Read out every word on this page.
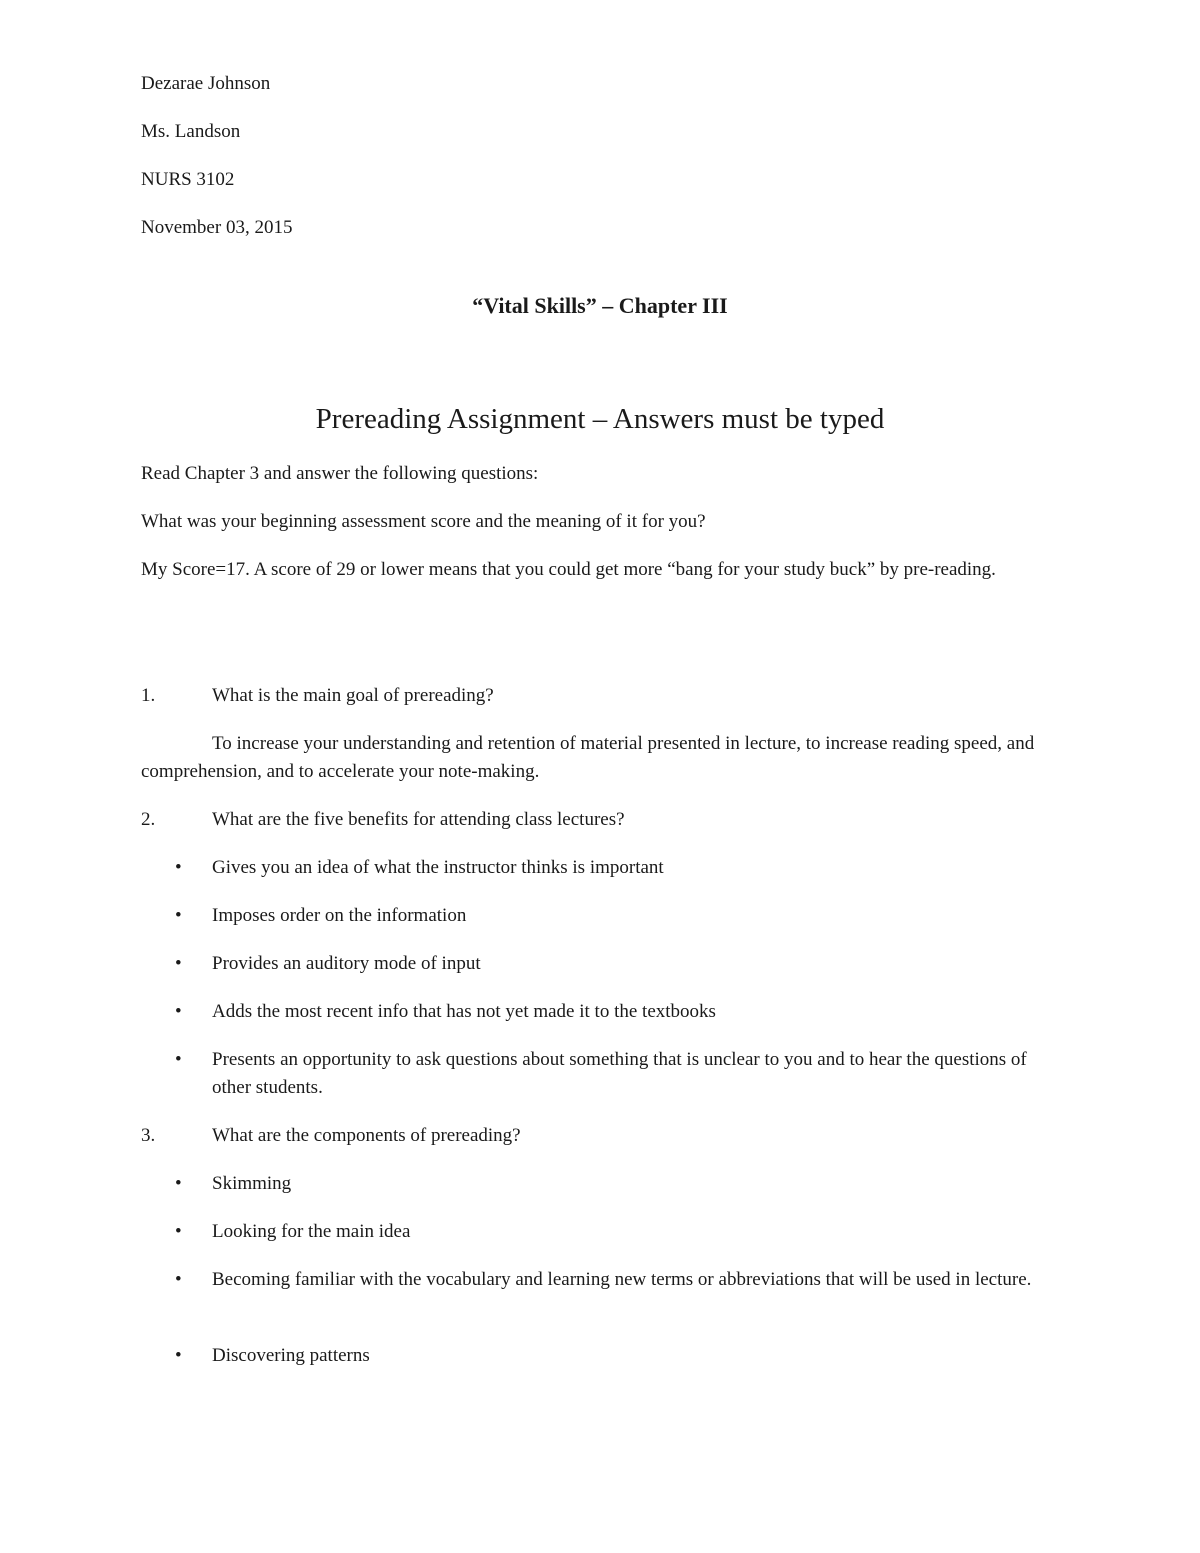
Dezarae Johnson
Ms. Landson
NURS 3102
November 03, 2015
“Vital Skills” – Chapter III
Prereading Assignment – Answers must be typed
Read Chapter 3 and answer the following questions:
What was your beginning assessment score and the meaning of it for you?
My Score=17. A score of 29 or lower means that you could get more “bang for your study buck” by pre-reading.
1.	What is the main goal of prereading?
To increase your understanding and retention of material presented in lecture, to increase reading speed, and comprehension, and to accelerate your note-making.
2.	What are the five benefits for attending class lectures?
• Gives you an idea of what the instructor thinks is important
• Imposes order on the information
• Provides an auditory mode of input
• Adds the most recent info that has not yet made it to the textbooks
• Presents an opportunity to ask questions about something that is unclear to you and to hear the questions of other students.
3.	What are the components of prereading?
• Skimming
• Looking for the main idea
• Becoming familiar with the vocabulary and learning new terms or abbreviations that will be used in lecture.
• Discovering patterns
